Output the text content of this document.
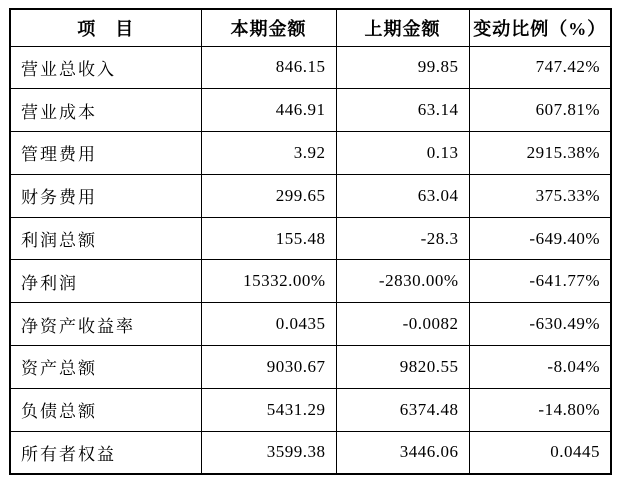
项　目	本期金额	上期金额	变动比例（%）
营业总收入	846.15	99.85	747.42%
营业成本	446.91	63.14	607.81%
管理费用	3.92	0.13	2915.38%
财务费用	299.65	63.04	375.33%
利润总额	155.48	-28.3	-649.40%
净利润	15332.00%	-2830.00%	-641.77%
净资产收益率	0.0435	-0.0082	-630.49%
资产总额	9030.67	9820.55	-8.04%
负债总额	5431.29	6374.48	-14.80%
所有者权益	3599.38	3446.06	0.0445
